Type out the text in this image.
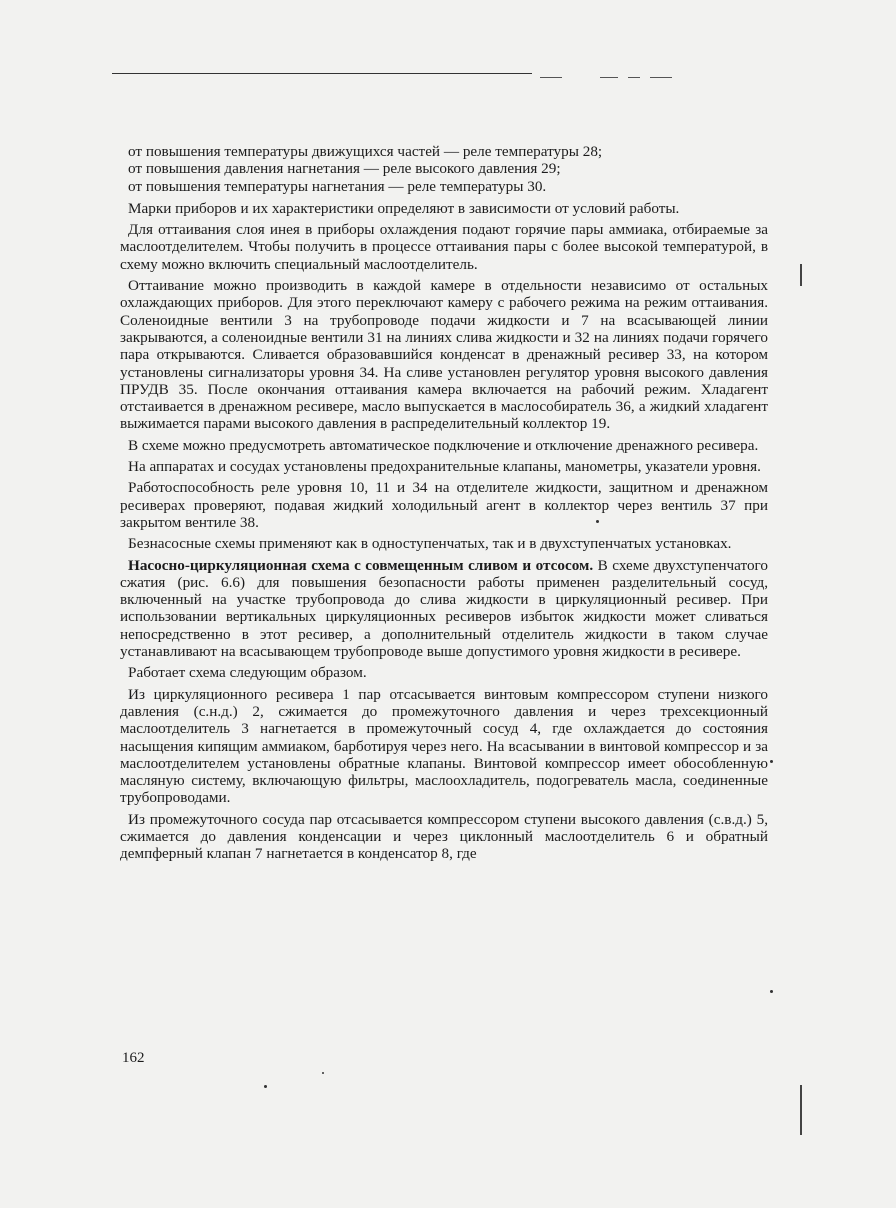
от повышения температуры движущихся частей — реле температуры 28;

от повышения давления нагнетания — реле высокого давления 29;

от повышения температуры нагнетания — реле температуры 30.

Марки приборов и их характеристики определяют в зависимости от условий работы.

Для оттаивания слоя инея в приборы охлаждения подают горячие пары аммиака, отбираемые за маслоотделителем. Чтобы получить в процессе оттаивания пары с более высокой температурой, в схему можно включить специальный маслоотделитель.

Оттаивание можно производить в каждой камере в отдельности независимо от остальных охлаждающих приборов. Для этого переключают камеру с рабочего режима на режим оттаивания. Соленоидные вентили 3 на трубопроводе подачи жидкости и 7 на всасывающей линии закрываются, а соленоидные вентили 31 на линиях слива жидкости и 32 на линиях подачи горячего пара открываются. Сливается образовавшийся конденсат в дренажный ресивер 33, на котором установлены сигнализаторы уровня 34. На сливе установлен регулятор уровня высокого давления ПРУДВ 35. После окончания оттаивания камера включается на рабочий режим. Хладагент отстаивается в дренажном ресивере, масло выпускается в маслособиратель 36, а жидкий хладагент выжимается парами высокого давления в распределительный коллектор 19.

В схеме можно предусмотреть автоматическое подключение и отключение дренажного ресивера.

На аппаратах и сосудах установлены предохранительные клапаны, манометры, указатели уровня.

Работоспособность реле уровня 10, 11 и 34 на отделителе жидкости, защитном и дренажном ресиверах проверяют, подавая жидкий холодильный агент в коллектор через вентиль 37 при закрытом вентиле 38.

Безнасосные схемы применяют как в одноступенчатых, так и в двухступенчатых установках.

Насосно-циркуляционная схема с совмещенным сливом и отсосом. В схеме двухступенчатого сжатия (рис. 6.6) для повышения безопасности работы применен разделительный сосуд, включенный на участке трубопровода до слива жидкости в циркуляционный ресивер. При использовании вертикальных циркуляционных ресиверов избыток жидкости может сливаться непосредственно в этот ресивер, а дополнительный отделитель жидкости в таком случае устанавливают на всасывающем трубопроводе выше допустимого уровня жидкости в ресивере.

Работает схема следующим образом.

Из циркуляционного ресивера 1 пар отсасывается винтовым компрессором ступени низкого давления (с.н.д.) 2, сжимается до промежуточного давления и через трехсекционный маслоотделитель 3 нагнетается в промежуточный сосуд 4, где охлаждается до состояния насыщения кипящим аммиаком, барботируя через него. На всасывании в винтовой компрессор и за маслоотделителем установлены обратные клапаны. Винтовой компрессор имеет обособленную масляную систему, включающую фильтры, маслоохладитель, подогреватель масла, соединенные трубопроводами.

Из промежуточного сосуда пар отсасывается компрессором ступени высокого давления (с.в.д.) 5, сжимается до давления конденсации и через циклонный маслоотделитель 6 и обратный демпферный клапан 7 нагнетается в конденсатор 8, где

162
